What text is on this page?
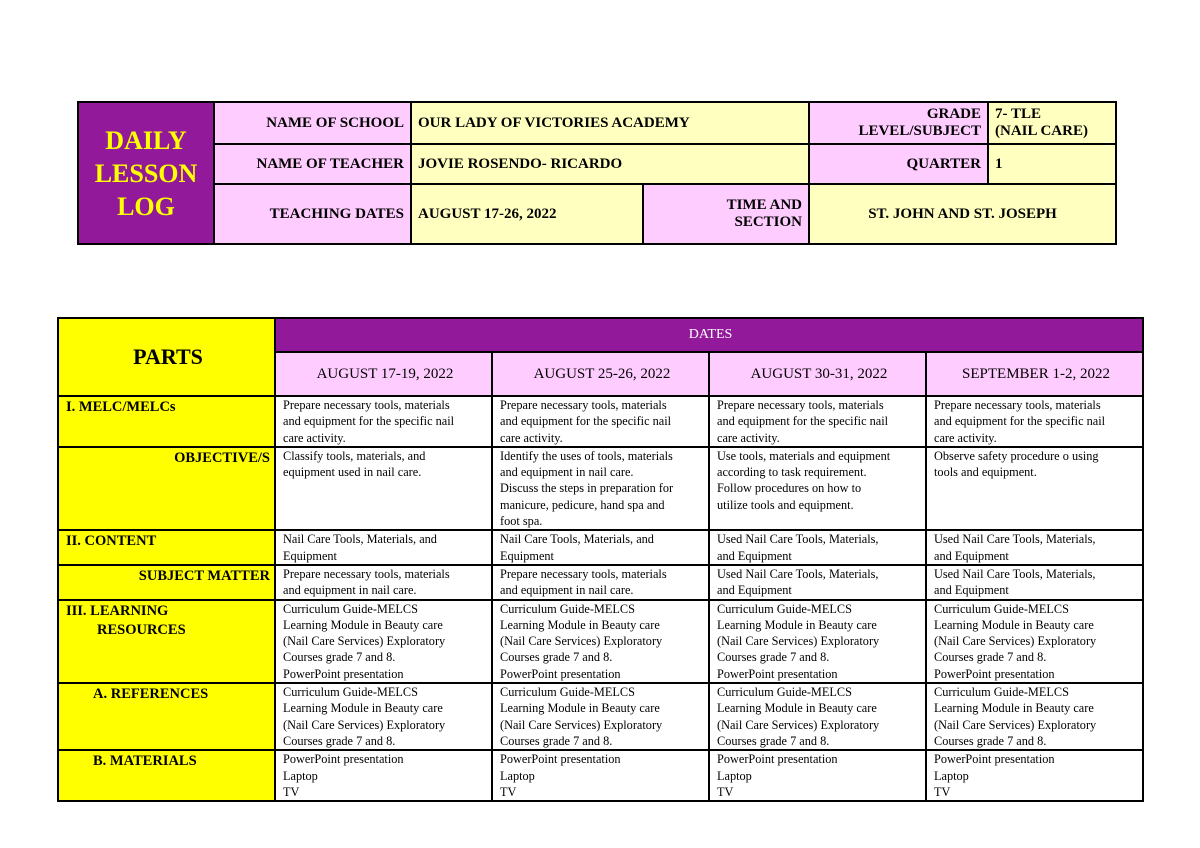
DAILY
LESSON
LOG	NAME OF SCHOOL	OUR LADY OF VICTORIES ACADEMY		GRADE
LEVEL/SUBJECT	7- TLE
(NAIL CARE)

	NAME OF TEACHER	JOVIE ROSENDO- RICARDO		QUARTER	1
	TEACHING DATES	AUGUST 17-26, 2022	TIME AND
SECTION	ST. JOHN AND ST. JOSEPH	
PARTS	DATES			
	AUGUST 17-19, 2022	AUGUST 25-26, 2022	AUGUST 30-31, 2022	SEPTEMBER 1-2, 2022

I. MELC/MELCs	Prepare necessary tools, materials
and equipment for the specific nail
care activity.	Prepare necessary tools, materials
and equipment for the specific nail
care activity.	Prepare necessary tools, materials
and equipment for the specific nail
care activity.	Prepare necessary tools, materials
and equipment for the specific nail
care activity.

OBJECTIVE/S	Classify tools, materials, and
equipment used in nail care.	Identify the uses of tools, materials
and equipment in nail care.
Discuss the steps in preparation for
manicure, pedicure, hand spa and
foot spa.	Use tools, materials and equipment
according to task requirement.
Follow procedures on how to
utilize tools and equipment.	Observe safety procedure o using
tools and equipment.

II. CONTENT	Nail Care Tools, Materials, and
Equipment	Nail Care Tools, Materials, and
Equipment	Used Nail Care Tools, Materials,
and Equipment	Used Nail Care Tools, Materials,
and Equipment

SUBJECT MATTER	Prepare necessary tools, materials
and equipment in nail care.	Prepare necessary tools, materials
and equipment in nail care.	Used Nail Care Tools, Materials,
and Equipment	Used Nail Care Tools, Materials,
and Equipment

III. LEARNING
RESOURCES	Curriculum Guide-MELCS
Learning Module in Beauty care
(Nail Care Services) Exploratory
Courses grade 7 and 8.
PowerPoint presentation	Curriculum Guide-MELCS
Learning Module in Beauty care
(Nail Care Services) Exploratory
Courses grade 7 and 8.
PowerPoint presentation	Curriculum Guide-MELCS
Learning Module in Beauty care
(Nail Care Services) Exploratory
Courses grade 7 and 8.
PowerPoint presentation	Curriculum Guide-MELCS
Learning Module in Beauty care
(Nail Care Services) Exploratory
Courses grade 7 and 8.
PowerPoint presentation

A. REFERENCES	Curriculum Guide-MELCS
Learning Module in Beauty care
(Nail Care Services) Exploratory
Courses grade 7 and 8.	Curriculum Guide-MELCS
Learning Module in Beauty care
(Nail Care Services) Exploratory
Courses grade 7 and 8.	Curriculum Guide-MELCS
Learning Module in Beauty care
(Nail Care Services) Exploratory
Courses grade 7 and 8.	Curriculum Guide-MELCS
Learning Module in Beauty care
(Nail Care Services) Exploratory
Courses grade 7 and 8.

B. MATERIALS	PowerPoint presentation
Laptop
TV	PowerPoint presentation
Laptop
TV	PowerPoint presentation
Laptop
TV	PowerPoint presentation
Laptop
TV
